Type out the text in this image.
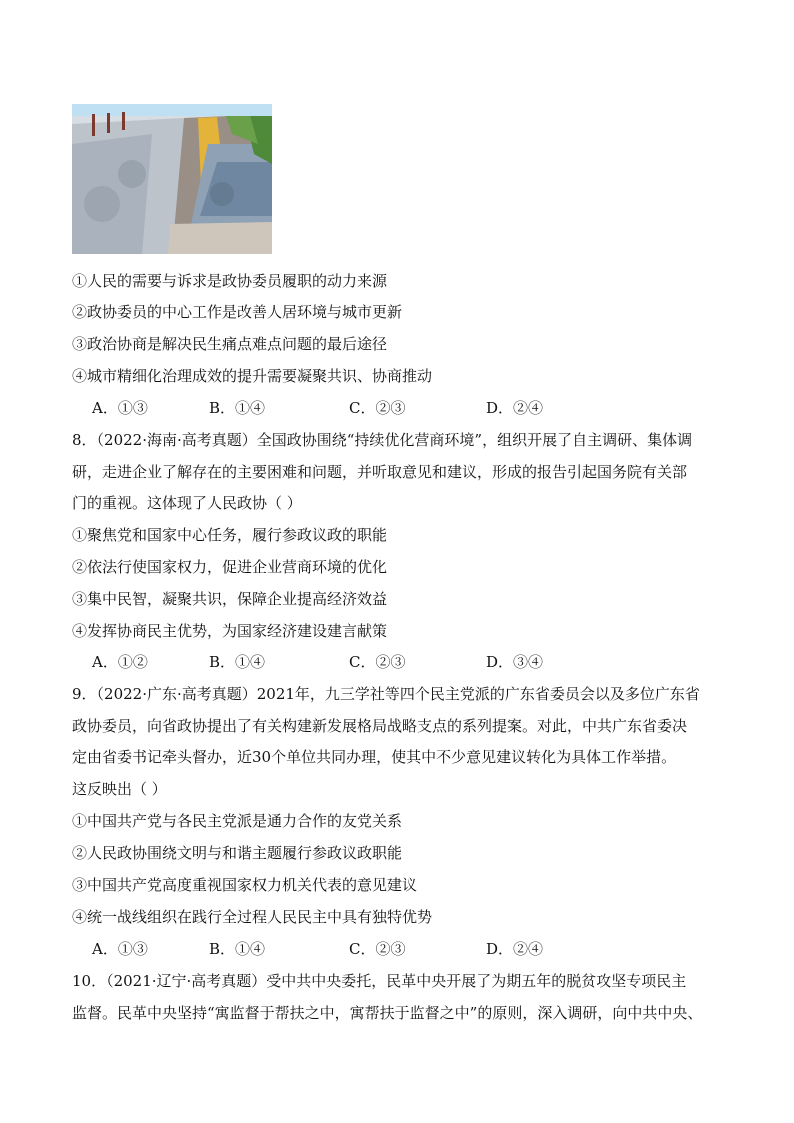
①人民的需要与诉求是政协委员履职的动力来源
②政协委员的中心工作是改善人居环境与城市更新
③政治协商是解决民生痛点难点问题的最后途径
④城市精细化治理成效的提升需要凝聚共识、协商推动
A．①③	B．①④	C．②③	D．②④
8．（2022·海南·高考真题）全国政协围绕“持续优化营商环境”，组织开展了自主调研、集体调
研，走进企业了解存在的主要困难和问题，并听取意见和建议，形成的报告引起国务院有关部
门的重视。这体现了人民政协（ ）
①聚焦党和国家中心任务，履行参政议政的职能
②依法行使国家权力，促进企业营商环境的优化
③集中民智，凝聚共识，保障企业提高经济效益
④发挥协商民主优势，为国家经济建设建言献策
A．①②	B．①④	C．②③	D．③④
9．（2022·广东·高考真题）2021年，九三学社等四个民主党派的广东省委员会以及多位广东省
政协委员，向省政协提出了有关构建新发展格局战略支点的系列提案。对此，中共广东省委决
定由省委书记牵头督办，近30个单位共同办理，使其中不少意见建议转化为具体工作举措。
这反映出（ ）
①中国共产党与各民主党派是通力合作的友党关系
②人民政协围绕文明与和谐主题履行参政议政职能
③中国共产党高度重视国家权力机关代表的意见建议
④统一战线组织在践行全过程人民民主中具有独特优势
A．①③	B．①④	C．②③	D．②④
10．（2021·辽宁·高考真题）受中共中央委托，民革中央开展了为期五年的脱贫攻坚专项民主
监督。民革中央坚持“寓监督于帮扶之中，寓帮扶于监督之中”的原则，深入调研，向中共中央、
